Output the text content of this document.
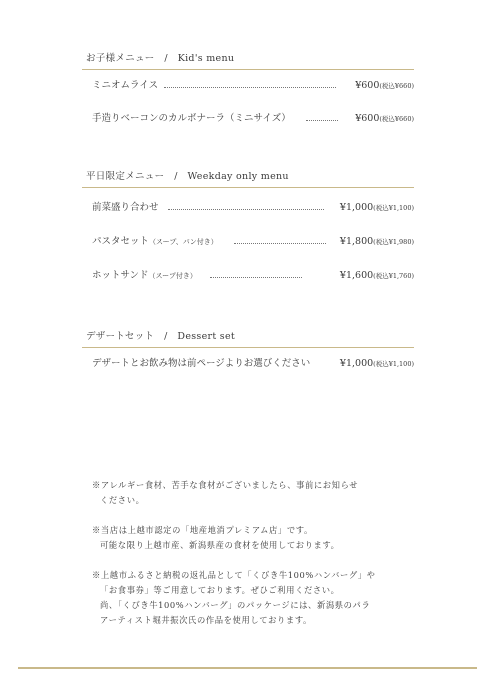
お子様メニュー　/　Kid's menu
ミニオムライス	¥600(税込¥660)
手造りベーコンのカルボナーラ（ミニサイズ）	¥600(税込¥660)
平日限定メニュー　/　Weekday only menu
前菜盛り合わせ	¥1,000(税込¥1,100)
パスタセット（スープ、パン付き）	¥1,800(税込¥1,980)
ホットサンド（スープ付き）	¥1,600(税込¥1,760)
デザートセット　/　Dessert set
デザートとお飲み物は前ページよりお選びください	¥1,000(税込¥1,100)
※アレルギー食材、苦手な食材がございましたら、事前にお知らせ
ください。
※当店は上越市認定の「地産地消プレミアム店」です。
可能な限り上越市産、新潟県産の食材を使用しております。
※上越市ふるさと納税の返礼品として「くびき牛100%ハンバーグ」や
「お食事券」等ご用意しております。ぜひご利用ください。
尚、「くびき牛100%ハンバーグ」のパッケージには、新潟県のパラ
アーティスト堀井振次氏の作品を使用しております。
